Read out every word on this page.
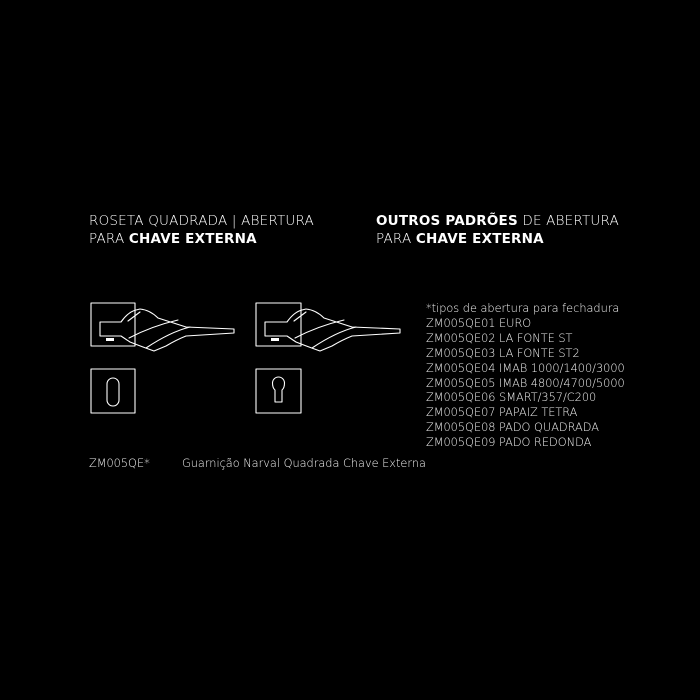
ROSETA QUADRADA | ABERTURA
PARA CHAVE EXTERNA
OUTROS PADRÕES DE ABERTURA
PARA CHAVE EXTERNA
*tipos de abertura para fechadura
ZM005QE01 EURO
ZM005QE02 LA FONTE ST
ZM005QE03 LA FONTE ST2
ZM005QE04 IMAB 1000/1400/3000
ZM005QE05 IMAB 4800/4700/5000
ZM005QE06 SMART/357/C200
ZM005QE07 PAPAIZ TETRA
ZM005QE08 PADO QUADRADA
ZM005QE09 PADO REDONDA
ZM005QE*	Guarnição Narval Quadrada Chave Externa
